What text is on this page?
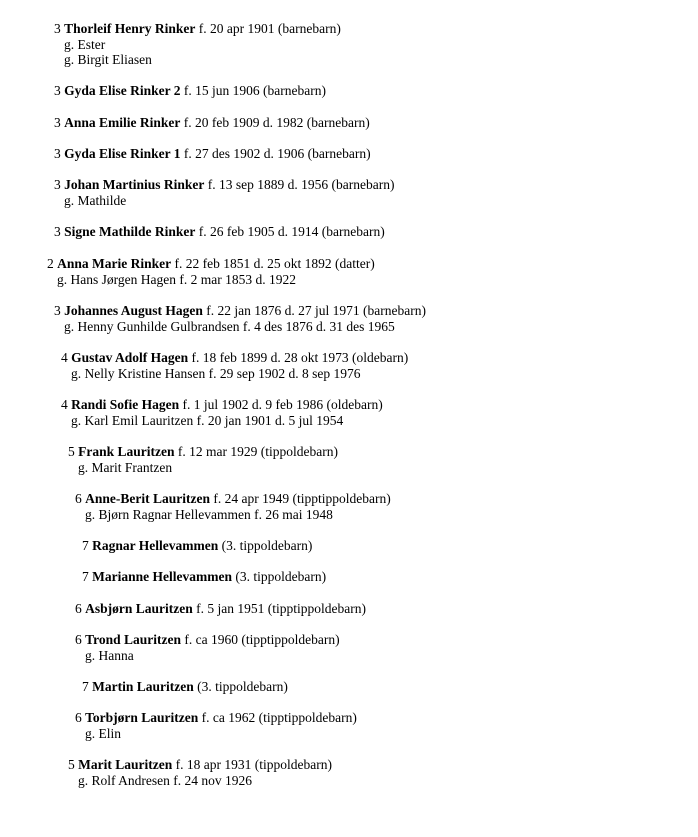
3 Thorleif Henry Rinker f. 20 apr 1901 (barnebarn)
g. Ester
g. Birgit Eliasen
3 Gyda Elise Rinker 2 f. 15 jun 1906 (barnebarn)
3 Anna Emilie Rinker f. 20 feb 1909 d. 1982 (barnebarn)
3 Gyda Elise Rinker 1 f. 27 des 1902 d. 1906 (barnebarn)
3 Johan Martinius Rinker f. 13 sep 1889 d. 1956 (barnebarn)
g. Mathilde
3 Signe Mathilde Rinker f. 26 feb 1905 d. 1914 (barnebarn)
2 Anna Marie Rinker f. 22 feb 1851 d. 25 okt 1892 (datter)
g. Hans Jørgen Hagen f. 2 mar 1853 d. 1922
3 Johannes August Hagen f. 22 jan 1876 d. 27 jul 1971 (barnebarn)
g. Henny Gunhilde Gulbrandsen f. 4 des 1876 d. 31 des 1965
4 Gustav Adolf Hagen f. 18 feb 1899 d. 28 okt 1973 (oldebarn)
g. Nelly Kristine Hansen f. 29 sep 1902 d. 8 sep 1976
4 Randi Sofie Hagen f. 1 jul 1902 d. 9 feb 1986 (oldebarn)
g. Karl Emil Lauritzen f. 20 jan 1901 d. 5 jul 1954
5 Frank Lauritzen f. 12 mar 1929 (tippoldebarn)
g. Marit Frantzen
6 Anne-Berit Lauritzen f. 24 apr 1949 (tipptippoldebarn)
g. Bjørn Ragnar Hellevammen f. 26 mai 1948
7 Ragnar Hellevammen (3. tippoldebarn)
7 Marianne Hellevammen (3. tippoldebarn)
6 Asbjørn Lauritzen f. 5 jan 1951 (tipptippoldebarn)
6 Trond Lauritzen f. ca 1960 (tipptippoldebarn)
g. Hanna
7 Martin Lauritzen (3. tippoldebarn)
6 Torbjørn Lauritzen f. ca 1962 (tipptippoldebarn)
g. Elin
5 Marit Lauritzen f. 18 apr 1931 (tippoldebarn)
g. Rolf Andresen f. 24 nov 1926
